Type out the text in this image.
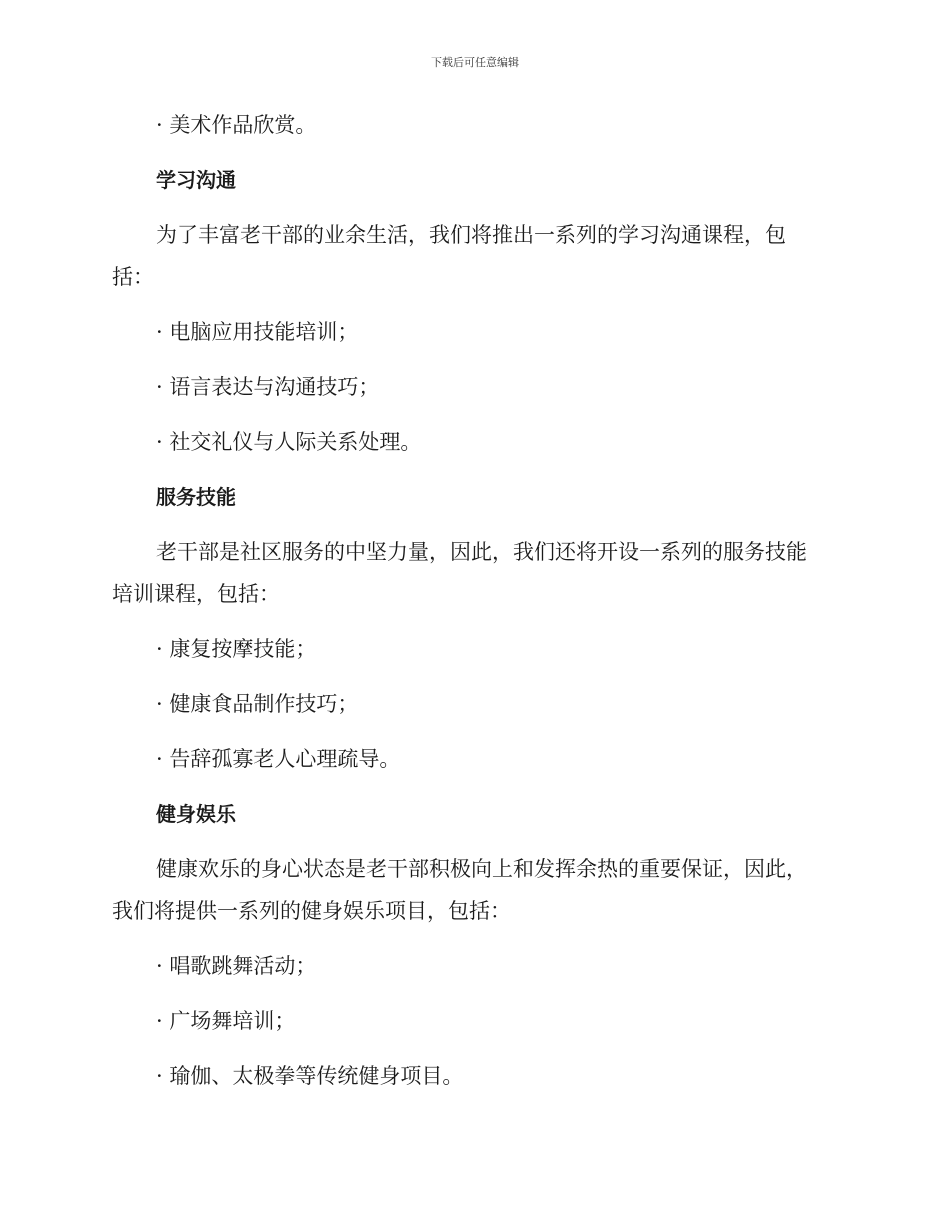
下载后可任意编辑
· 美术作品欣赏。
学习沟通
为了丰富老干部的业余生活，我们将推出一系列的学习沟通课程，包
括：
· 电脑应用技能培训；
· 语言表达与沟通技巧；
· 社交礼仪与人际关系处理。
服务技能
老干部是社区服务的中坚力量，因此，我们还将开设一系列的服务技能
培训课程，包括：
· 康复按摩技能；
· 健康食品制作技巧；
· 告辞孤寡老人心理疏导。
健身娱乐
健康欢乐的身心状态是老干部积极向上和发挥余热的重要保证，因此，
我们将提供一系列的健身娱乐项目，包括：
· 唱歌跳舞活动；
· 广场舞培训；
· 瑜伽、太极拳等传统健身项目。
